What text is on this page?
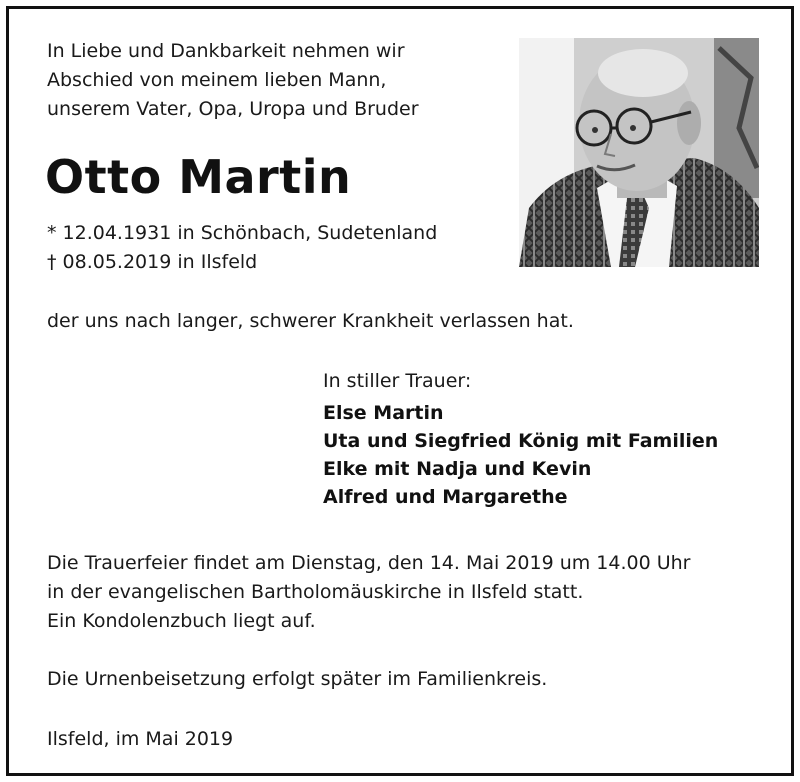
In Liebe und Dankbarkeit nehmen wir
Abschied von meinem lieben Mann,
unserem Vater, Opa, Uropa und Bruder
Otto Martin
* 12.04.1931 in Schönbach, Sudetenland
† 08.05.2019 in Ilsfeld

der uns nach langer, schwerer Krankheit verlassen hat.

In stiller Trauer:

Else Martin
Uta und Siegfried König mit Familien
Elke mit Nadja und Kevin
Alfred und Margarethe
Die Trauerfeier findet am Dienstag, den 14. Mai 2019 um 14.00 Uhr
in der evangelischen Bartholomäuskirche in Ilsfeld statt.
Ein Kondolenzbuch liegt auf.

Die Urnenbeisetzung erfolgt später im Familienkreis.

Ilsfeld, im Mai 2019
